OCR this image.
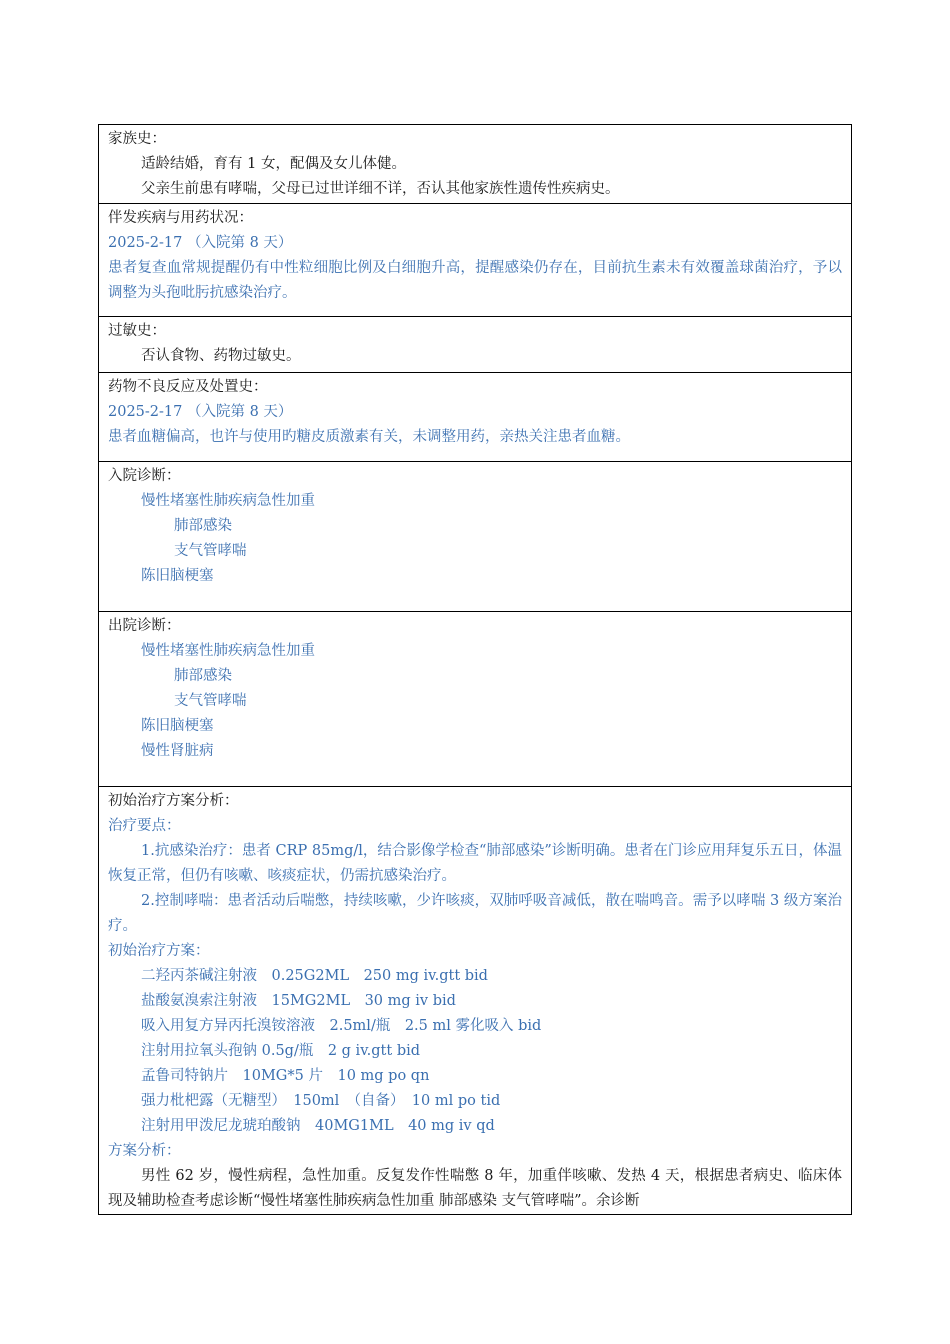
家族史：
适龄结婚，育有 1 女，配偶及女儿体健。
父亲生前患有哮喘，父母已过世详细不详，否认其他家族性遗传性疾病史。
伴发疾病与用药状况：
2025-2-17 （入院第 8 天）
患者复查血常规提醒仍有中性粒细胞比例及白细胞升高，提醒感染仍存在，目前抗生素未有效覆盖球菌治疗，予以调整为头孢吡肟抗感染治疗。
过敏史：
否认食物、药物过敏史。
药物不良反应及处置史：
2025-2-17 （入院第 8 天）
患者血糖偏高，也许与使用旳糖皮质激素有关，未调整用药，亲热关注患者血糖。
入院诊断：
慢性堵塞性肺疾病急性加重
肺部感染
支气管哮喘
陈旧脑梗塞
出院诊断：
慢性堵塞性肺疾病急性加重
肺部感染
支气管哮喘
陈旧脑梗塞
慢性肾脏病
初始治疗方案分析：
治疗要点：
1.抗感染治疗：患者 CRP 85mg/l，结合影像学检查“肺部感染”诊断明确。患者在门诊应用拜复乐五日，体温恢复正常，但仍有咳嗽、咳痰症状，仍需抗感染治疗。
2.控制哮喘：患者活动后喘憋，持续咳嗽，少许咳痰，双肺呼吸音减低，散在喘鸣音。需予以哮喘 3 级方案治疗。
初始治疗方案：
二羟丙茶碱注射液　0.25G2ML　250 mg iv.gtt bid
盐酸氨溴索注射液　15MG2ML　30 mg iv bid
吸入用复方异丙托溴铵溶液　2.5ml/瓶　2.5 ml 雾化吸入 bid
注射用拉氧头孢钠 0.5g/瓶　2 g iv.gtt bid
孟鲁司特钠片　10MG*5 片　10 mg po qn
强力枇杷露（无糖型）　150ml　（自备）　10 ml po tid
注射用甲泼尼龙琥珀酸钠　40MG1ML　40 mg iv qd
方案分析：
男性 62 岁，慢性病程，急性加重。反复发作性喘憋 8 年，加重伴咳嗽、发热 4 天，根据患者病史、临床体现及辅助检查考虑诊断“慢性堵塞性肺疾病急性加重 肺部感染 支气管哮喘”。余诊断
